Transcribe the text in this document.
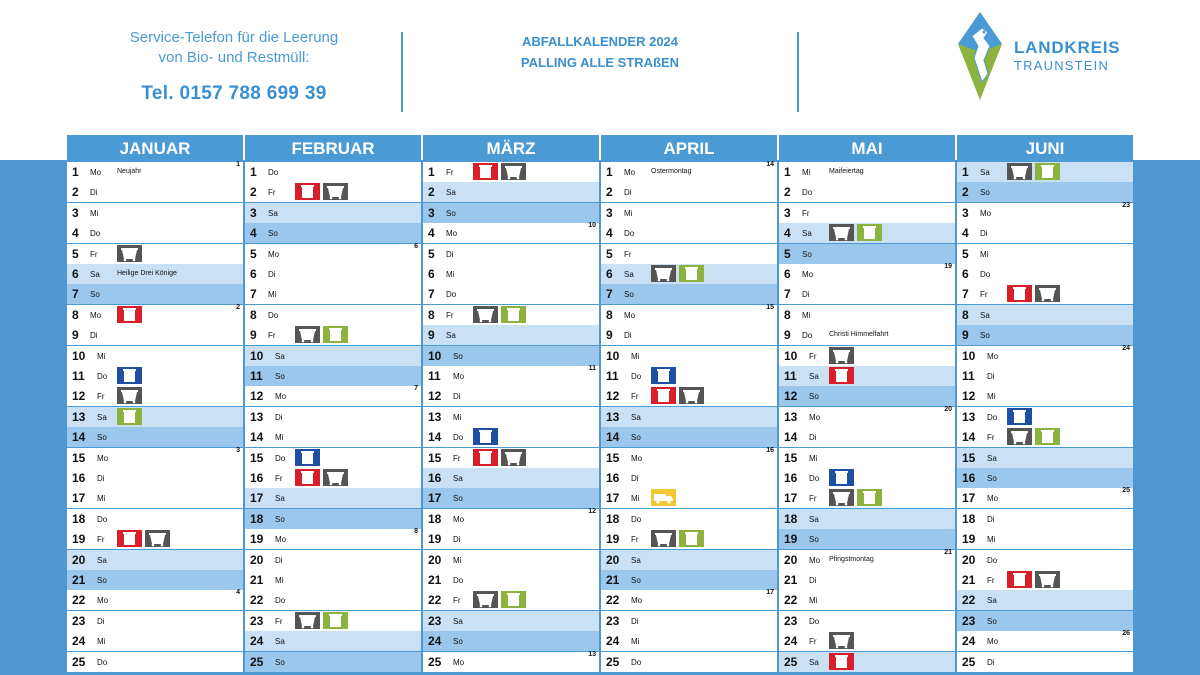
Service-Telefon für die Leerung
von Bio- und Restmüll:
Tel. 0157 788 699 39
ABFALLKALENDER 2024
PALLING ALLE STRAßEN
LANDKREIS
TRAUNSTEIN
JANUAR
1 Mo Neujahr
1
2 Di
3 Mi
4 Do
5 Fr
6 Sa Heilige Drei Könige
7 So
8 Mo
2
9 Di
10 Mi
11 Do
12 Fr
13 Sa
14 So
15 Mo
3
16 Di
17 Mi
18 Do
19 Fr
20 Sa
21 So
22 Mo
4
23 Di
24 Mi
25 Do
FEBRUAR
1 Do
2 Fr
3 Sa
4 So
5 Mo
6
6 Di
7 Mi
8 Do
9 Fr
10 Sa
11 So
12 Mo
7
13 Di
14 Mi
15 Do
16 Fr
17 Sa
18 So
19 Mo
8
20 Di
21 Mi
22 Do
23 Fr
24 Sa
25 So
MÄRZ
1 Fr
2 Sa
3 So
4 Mo
10
5 Di
6 Mi
7 Do
8 Fr
9 Sa
10 So
11 Mo
11
12 Di
13 Mi
14 Do
15 Fr
16 Sa
17 So
18 Mo
12
19 Di
20 Mi
21 Do
22 Fr
23 Sa
24 So
25 Mo
13
APRIL
1 Mo Ostermontag
14
2 Di
3 Mi
4 Do
5 Fr
6 Sa
7 So
8 Mo
15
9 Di
10 Mi
11 Do
12 Fr
13 Sa
14 So
15 Mo
16
16 Di
17 Mi
18 Do
19 Fr
20 Sa
21 So
22 Mo
17
23 Di
24 Mi
25 Do
MAI
1 Mi	Maifeiertag
2 Do
3 Fr
4 Sa
5 So
6 Mo
19
7 Di
8 Mi
9 Do Christi Himmelfahrt
10 Fr
11 Sa
12 So
13 Mo
20
14 Di
15 Mi
16 Do
17 Fr
18 Sa
19 So
20 Mo Pfingstmontag
21
21 Di
22 Mi
23 Do
24 Fr
25 Sa
JUNI
1 Sa
2 So
3 Mo
23
4 Di
5 Mi
6 Do
7 Fr
8 Sa
9 So
10 Mo
24
11 Di
12 Mi
13 Do
14 Fr
15 Sa
16 So
17 Mo
25
18 Di
19 Mi
20 Do
21 Fr
22 Sa
23 So
24 Mo
26
25 Di
